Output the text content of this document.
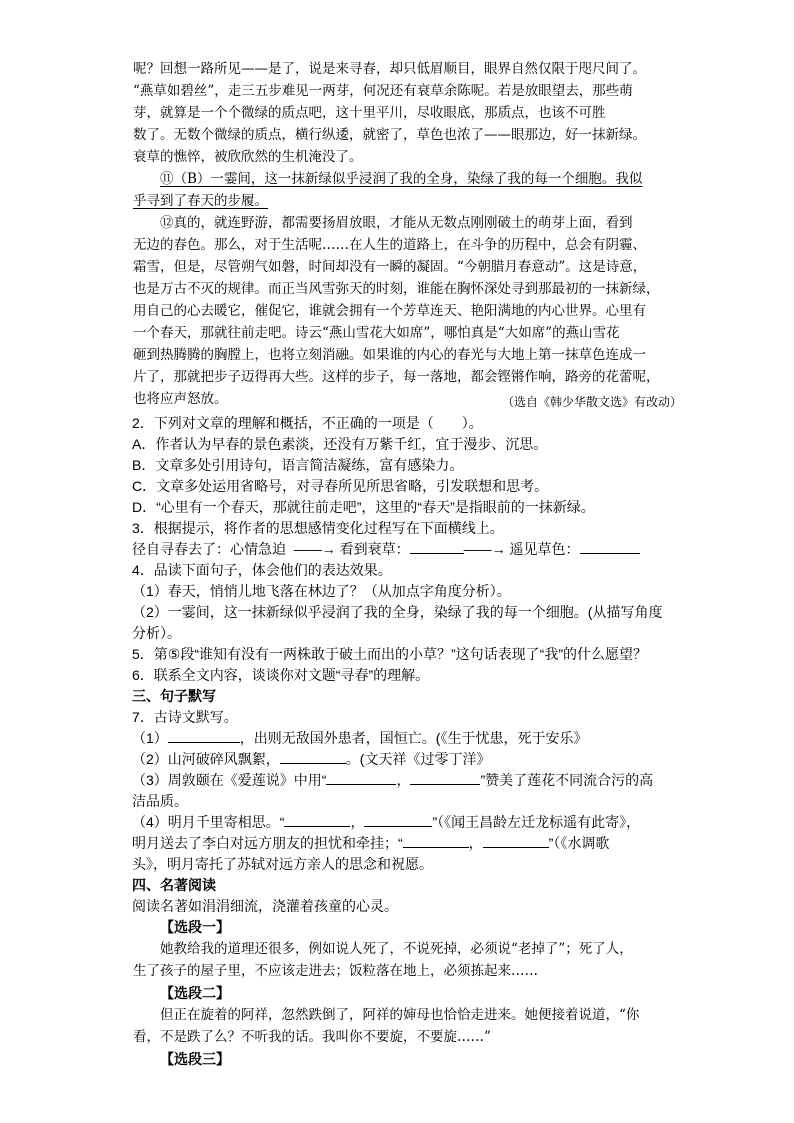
呢？回想一路所见——是了，说是来寻春，却只低眉顺目，眼界自然仅限于咫尺间了。
“燕草如碧丝”，走三五步难见一两芽，何况还有衰草余陈呢。若是放眼望去，那些萌
芽，就算是一个个微绿的质点吧，这十里平川，尽收眼底，那质点，也该不可胜
数了。无数个微绿的质点，横行纵逶，就密了，草色也浓了——眼那边，好一抹新绿。
衰草的憔悴，被欣欣然的生机淹没了。
⑪（B）一霎间，这一抹新绿似乎浸润了我的全身，染绿了我的每一个细胞。我似
乎寻到了春天的步履。
⑫真的，就连野游，都需要扬眉放眼，才能从无数点刚刚破土的萌芽上面，看到
无边的春色。那么，对于生活呢……在人生的道路上，在斗争的历程中，总会有阴霾、
霜雪，但是，尽管朔气如磐，时间却没有一瞬的凝固。“今朝腊月春意动”。这是诗意，
也是万古不灭的规律。而正当风雪弥天的时刻，谁能在胸怀深处寻到那最初的一抹新绿，
用自己的心去暖它，催促它，谁就会拥有一个芳草连天、艳阳满地的内心世界。心里有
一个春天，那就往前走吧。诗云“燕山雪花大如席”，哪怕真是“大如席”的燕山雪花
砸到热腾腾的胸膛上，也将立刻消融。如果谁的内心的春光与大地上第一抹草色连成一
片了，那就把步子迈得再大些。这样的步子，每一落地，都会铿锵作响，路旁的花蕾呢，
也将应声怒放。	（选自《韩少华散文选》有改动）
2．下列对文章的理解和概括，不正确的一项是（　　）。
A．作者认为早春的景色素淡，还没有万紫千红，宜于漫步、沉思。
B．文章多处引用诗句，语言简洁凝练，富有感染力。
C．文章多处运用省略号，对寻春所见所思省略，引发联想和思考。
D．“心里有一个春天，那就往前走吧”，这里的“春天”是指眼前的一抹新绿。
3．根据提示，将作者的思想感情变化过程写在下面横线上。
径自寻春去了：心情急迫  ——→ 看到衰草：	——→ 遥见草色：
4．品读下面句子，体会他们的表达效果。
（1）春天，悄悄儿地飞落在林边了？（从加点字角度分析）。
（2）一霎间，这一抹新绿似乎浸润了我的全身，染绿了我的每一个细胞。(从描写角度
分析）。
5．第⑤段“谁知有没有一两株敢于破土而出的小草？”这句话表现了“我”的什么愿望？
6．联系全文内容，谈谈你对文题“寻春”的理解。
三、句子默写
7．古诗文默写。
（1）	，出则无敌国外患者，国恒亡。(《生于忧患，死于安乐》
（2）山河破碎风飘絮，	。(文天祥《过零丁洋》
（3）周敦颐在《爱莲说》中用“	，	”赞美了莲花不同流合污的高
洁品质。
（4）明月千里寄相思。“	，	”（《闻王昌龄左迁龙标遥有此寄》，
明月送去了李白对远方朋友的担忧和牵挂；“	，	”（《水调歌
头》，明月寄托了苏轼对远方亲人的思念和祝愿。
四、名著阅读
阅读名著如涓涓细流，浇灌着孩童的心灵。
【选段一】
她教给我的道理还很多，例如说人死了，不说死掉，必须说“老掉了”；死了人，
生了孩子的屋子里，不应该走进去；饭粒落在地上，必须拣起来……
【选段二】
但正在旋着的阿祥，忽然跌倒了，阿祥的婶母也恰恰走进来。她便接着说道，“你
看，不是跌了么？不听我的话。我叫你不要旋，不要旋……”
【选段三】
